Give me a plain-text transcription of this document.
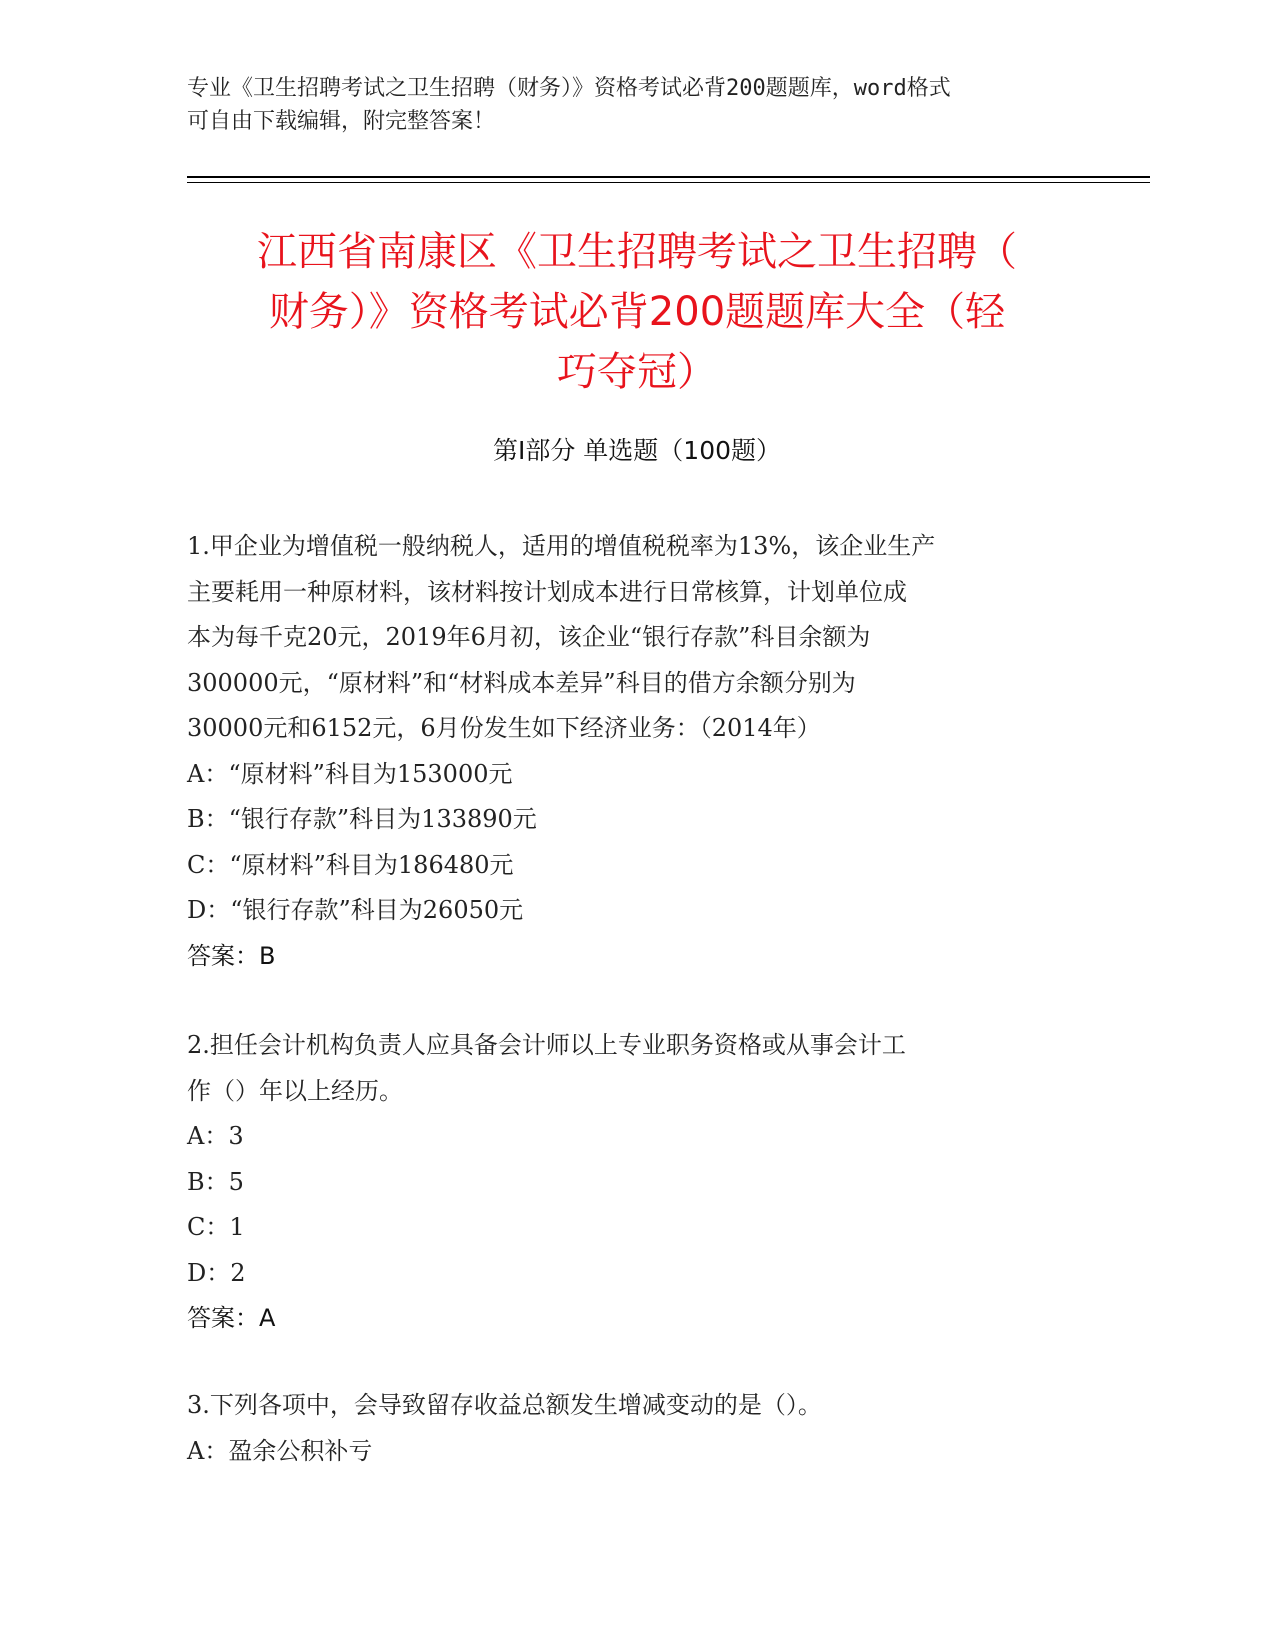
专业《卫生招聘考试之卫生招聘（财务）》资格考试必背200题题库，word格式
可自由下载编辑，附完整答案！
江西省南康区《卫生招聘考试之卫生招聘（
财务）》资格考试必背200题题库大全（轻
巧夺冠）
第Ⅰ部分 单选题（100题）
1.甲企业为增值税一般纳税人，适用的增值税税率为13%，该企业生产
主要耗用一种原材料，该材料按计划成本进行日常核算，计划单位成
本为每千克20元，2019年6月初，该企业“银行存款”科目余额为
300000元，“原材料”和“材料成本差异”科目的借方余额分别为
30000元和6152元，6月份发生如下经济业务：（2014年）
A：“原材料”科目为153000元
B：“银行存款”科目为133890元
C：“原材料”科目为186480元
D：“银行存款”科目为26050元
答案：B
2.担任会计机构负责人应具备会计师以上专业职务资格或从事会计工
作（）年以上经历。
A：3
B：5
C：1
D：2
答案：A
3.下列各项中，会导致留存收益总额发生增减变动的是（）。
A：盈余公积补亏
